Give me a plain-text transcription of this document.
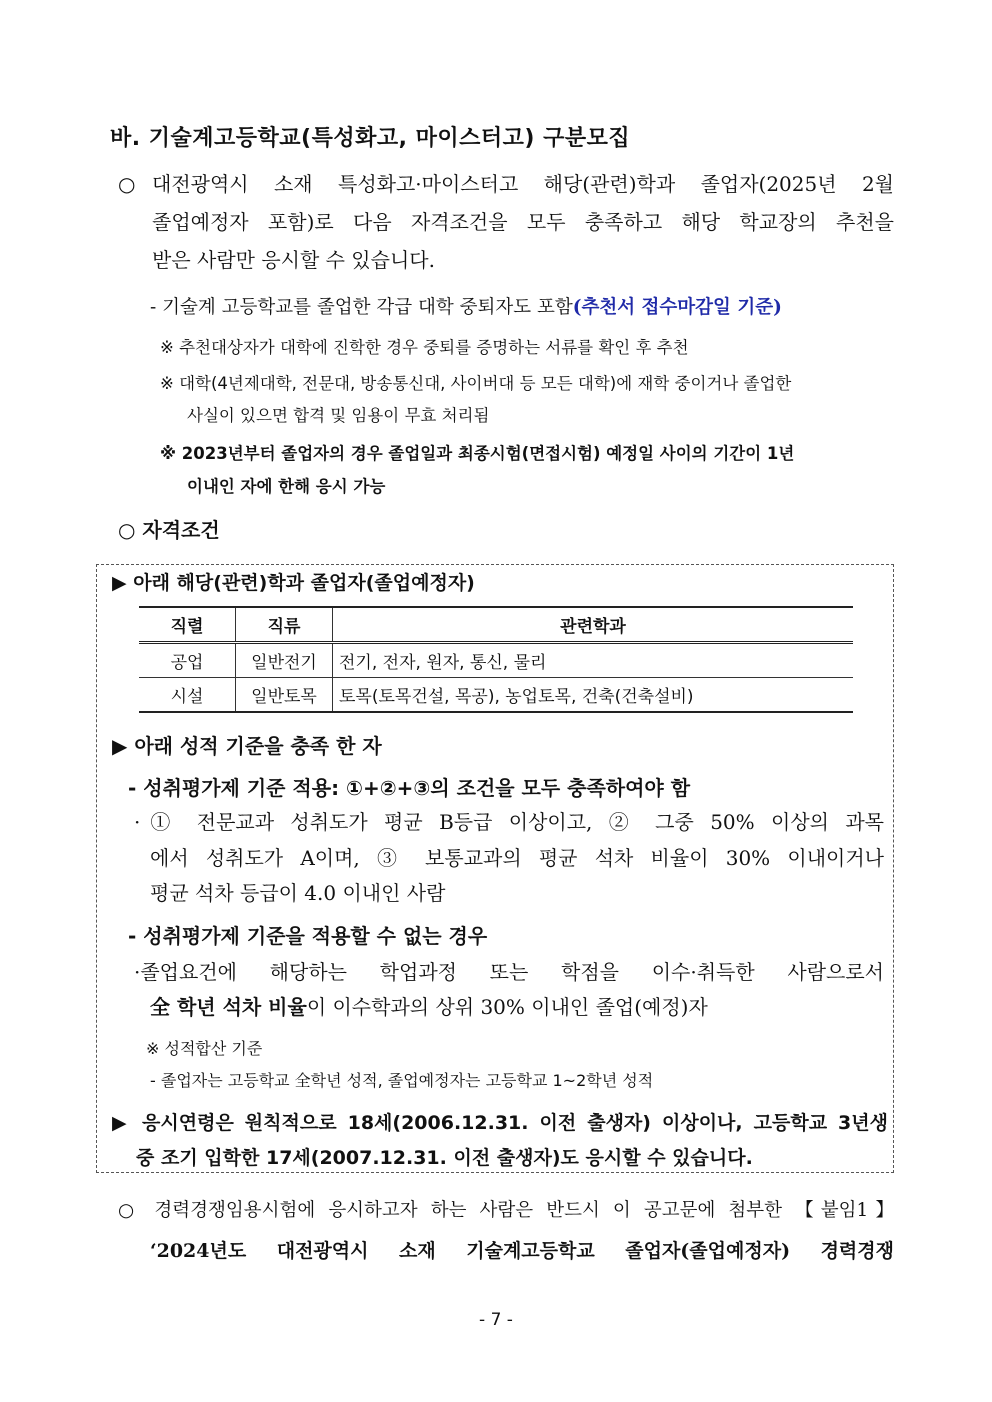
바. 기술계고등학교(특성화고, 마이스터고) 구분모집
○ 대전광역시 소재 특성화고·마이스터고 해당(관련)학과 졸업자(2025년 2월
졸업예정자 포함)로 다음 자격조건을 모두 충족하고 해당 학교장의 추천을
받은 사람만 응시할 수 있습니다.
- 기술계 고등학교를 졸업한 각급 대학 중퇴자도 포함(추천서 접수마감일 기준)
※ 추천대상자가 대학에 진학한 경우 중퇴를 증명하는 서류를 확인 후 추천
※ 대학(4년제대학, 전문대, 방송통신대, 사이버대 등 모든 대학)에 재학 중이거나 졸업한
사실이 있으면 합격 및 임용이 무효 처리됨
※ 2023년부터 졸업자의 경우 졸업일과 최종시험(면접시험) 예정일 사이의 기간이 1년
이내인 자에 한해 응시 가능
○ 자격조건
▶ 아래 해당(관련)학과 졸업자(졸업예정자)
직렬	직류	관련학과
공업	일반전기	전기, 전자, 원자, 통신, 물리
시설	일반토목	토목(토목건설, 목공), 농업토목, 건축(건축설비)
▶ 아래 성적 기준을 충족 한 자
- 성취평가제 기준 적용: ①+②+③의 조건을 모두 충족하여야 함
·① 전문교과 성취도가 평균 B등급 이상이고, ② 그중 50% 이상의 과목
에서 성취도가 A이며, ③ 보통교과의 평균 석차 비율이 30% 이내이거나
평균 석차 등급이 4.0 이내인 사람
- 성취평가제 기준을 적용할 수 없는 경우
·졸업요건에 해당하는 학업과정 또는 학점을 이수·취득한 사람으로서
全 학년 석차 비율이 이수학과의 상위 30% 이내인 졸업(예정)자
※ 성적합산 기준
- 졸업자는 고등학교 全학년 성적, 졸업예정자는 고등학교 1~2학년 성적
▶ 응시연령은 원칙적으로 18세(2006.12.31. 이전 출생자) 이상이나, 고등학교 3년생
중 조기 입학한 17세(2007.12.31. 이전 출생자)도 응시할 수 있습니다.
○ 경력경쟁임용시험에 응시하고자 하는 사람은 반드시 이 공고문에 첨부한 【붙임1】
‘2024년도 대전광역시 소재 기술계고등학교 졸업자(졸업예정자) 경력경쟁
- 7 -
